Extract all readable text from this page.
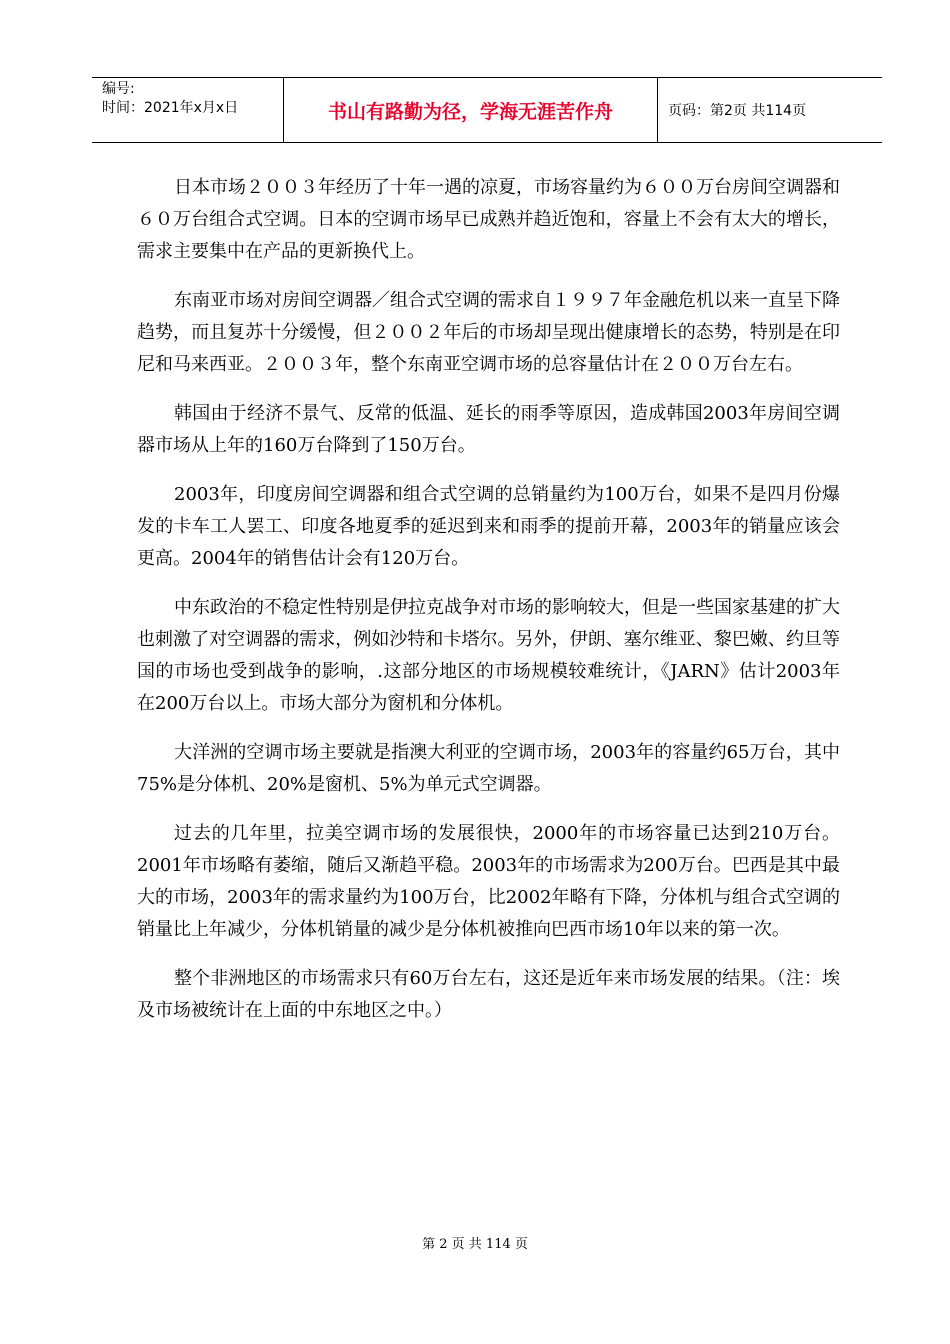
编号:
时间：2021年x月x日	书山有路勤为径，学海无涯苦作舟	页码：第2页 共114页

日本市场２００３年经历了十年一遇的凉夏，市场容量约为６００万台房间空调器和６０万台组合式空调。日本的空调市场早已成熟并趋近饱和，容量上不会有太大的增长，需求主要集中在产品的更新换代上。

东南亚市场对房间空调器／组合式空调的需求自１９９７年金融危机以来一直呈下降趋势，而且复苏十分缓慢，但２００２年后的市场却呈现出健康增长的态势，特别是在印尼和马来西亚。２００３年，整个东南亚空调市场的总容量估计在２００万台左右。

韩国由于经济不景气、反常的低温、延长的雨季等原因，造成韩国2003年房间空调器市场从上年的160万台降到了150万台。

2003年，印度房间空调器和组合式空调的总销量约为100万台，如果不是四月份爆发的卡车工人罢工、印度各地夏季的延迟到来和雨季的提前开幕，2003年的销量应该会更高。2004年的销售估计会有120万台。

中东政治的不稳定性特别是伊拉克战争对市场的影响较大，但是一些国家基建的扩大也刺激了对空调器的需求，例如沙特和卡塔尔。另外，伊朗、塞尔维亚、黎巴嫩、约旦等国的市场也受到战争的影响，.这部分地区的市场规模较难统计，《JARN》估计2003年在200万台以上。市场大部分为窗机和分体机。

大洋洲的空调市场主要就是指澳大利亚的空调市场，2003年的容量约65万台，其中75%是分体机、20%是窗机、5%为单元式空调器。

过去的几年里，拉美空调市场的发展很快，2000年的市场容量已达到210万台。2001年市场略有萎缩，随后又渐趋平稳。2003年的市场需求为200万台。巴西是其中最大的市场，2003年的需求量约为100万台，比2002年略有下降，分体机与组合式空调的销量比上年减少，分体机销量的减少是分体机被推向巴西市场10年以来的第一次。

整个非洲地区的市场需求只有60万台左右，这还是近年来市场发展的结果。（注：埃及市场被统计在上面的中东地区之中。）

第 2 页 共 114 页
